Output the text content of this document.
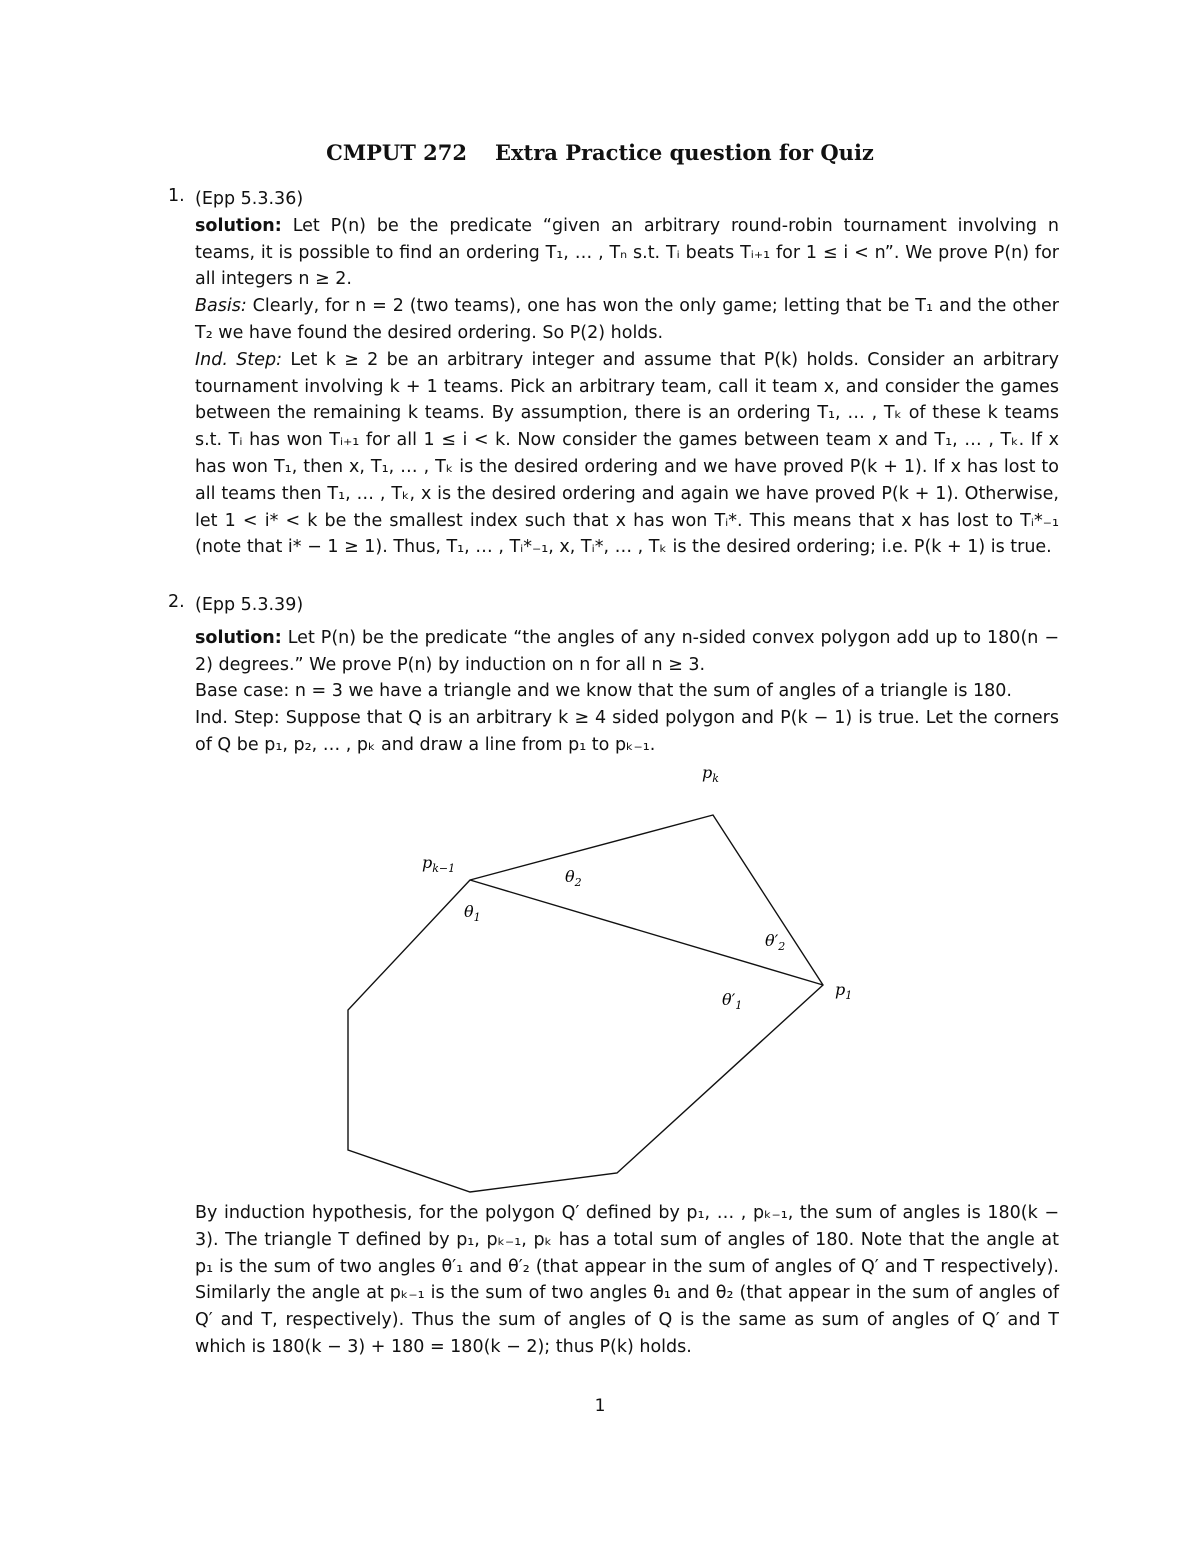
CMPUT 272 Extra Practice question for Quiz
1. (Epp 5.3.36)

solution: Let P(n) be the predicate “given an arbitrary round-robin tournament involving n teams, it is possible to find an ordering T₁, … , Tₙ s.t. Tᵢ beats Tᵢ₊₁ for 1 ≤ i < n”. We prove P(n) for all integers n ≥ 2.

Basis: Clearly, for n = 2 (two teams), one has won the only game; letting that be T₁ and the other T₂ we have found the desired ordering. So P(2) holds.

Ind. Step: Let k ≥ 2 be an arbitrary integer and assume that P(k) holds. Consider an arbitrary tournament involving k + 1 teams. Pick an arbitrary team, call it team x, and consider the games between the remaining k teams. By assumption, there is an ordering T₁, … , Tₖ of these k teams s.t. Tᵢ has won Tᵢ₊₁ for all 1 ≤ i < k. Now consider the games between team x and T₁, … , Tₖ. If x has won T₁, then x, T₁, … , Tₖ is the desired ordering and we have proved P(k + 1). If x has lost to all teams then T₁, … , Tₖ, x is the desired ordering and again we have proved P(k + 1). Otherwise, let 1 < i* < k be the smallest index such that x has won Tᵢ*. This means that x has lost to Tᵢ*₋₁ (note that i* − 1 ≥ 1). Thus, T₁, … , Tᵢ*₋₁, x, Tᵢ*, … , Tₖ is the desired ordering; i.e. P(k + 1) is true.

2. (Epp 5.3.39)

solution: Let P(n) be the predicate “the angles of any n-sided convex polygon add up to 180(n − 2) degrees.” We prove P(n) by induction on n for all n ≥ 3.

Base case: n = 3 we have a triangle and we know that the sum of angles of a triangle is 180.

Ind. Step: Suppose that Q is an arbitrary k ≥ 4 sided polygon and P(k − 1) is true. Let the corners of Q be p₁, p₂, … , pₖ and draw a line from p₁ to pₖ₋₁.

$p_k$
$p_{k-1}$
$p_1$
$\theta_1$
$\theta_2$
$\theta'_2$
$\theta'_1$

By induction hypothesis, for the polygon Q′ defined by p₁, … , pₖ₋₁, the sum of angles is 180(k − 3). The triangle T defined by p₁, pₖ₋₁, pₖ has a total sum of angles of 180. Note that the angle at p₁ is the sum of two angles θ′₁ and θ′₂ (that appear in the sum of angles of Q′ and T respectively). Similarly the angle at pₖ₋₁ is the sum of two angles θ₁ and θ₂ (that appear in the sum of angles of Q′ and T, respectively). Thus the sum of angles of Q is the same as sum of angles of Q′ and T which is 180(k − 3) + 180 = 180(k − 2); thus P(k) holds.

1
